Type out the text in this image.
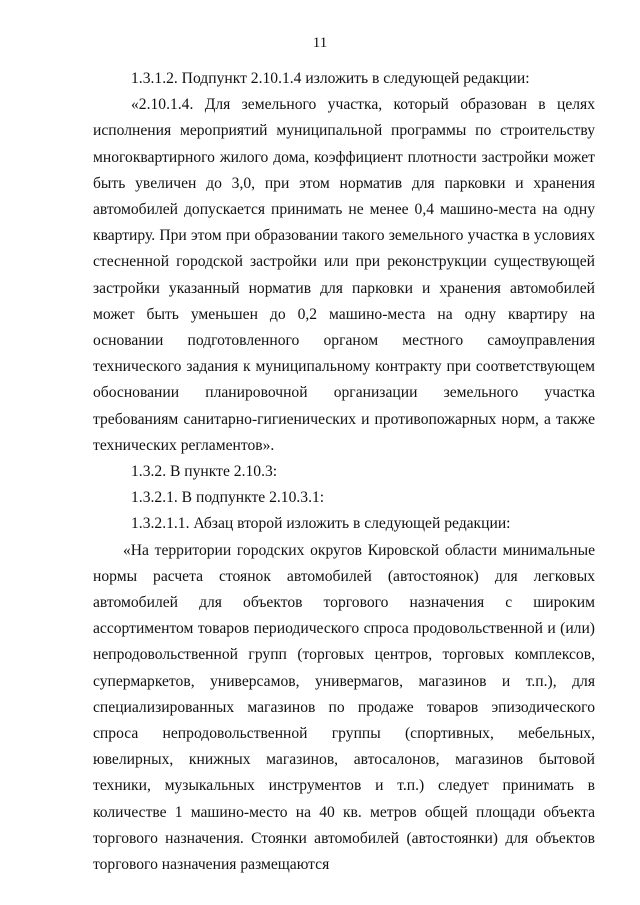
11

1.3.1.2. Подпункт 2.10.1.4 изложить в следующей редакции:

«2.10.1.4. Для земельного участка, который образован в целях исполнения мероприятий муниципальной программы по строительству многоквартирного жилого дома, коэффициент плотности застройки может быть увеличен до 3,0, при этом норматив для парковки и хранения автомобилей допускается принимать не менее 0,4 машино-места на одну квартиру. При этом при образовании такого земельного участка в условиях стесненной городской застройки или при реконструкции существующей застройки указанный норматив для парковки и хранения автомобилей может быть уменьшен до 0,2 машино-места на одну квартиру на основании подготовленного органом местного самоуправления технического задания к муниципальному контракту при соответствующем обосновании планировочной организации земельного участка требованиям санитарно-гигиенических и противопожарных норм, а также технических регламентов».

1.3.2. В пункте 2.10.3:

1.3.2.1. В подпункте 2.10.3.1:

1.3.2.1.1. Абзац второй изложить в следующей редакции:

«На территории городских округов Кировской области минимальные нормы расчета стоянок автомобилей (автостоянок) для легковых автомобилей для объектов торгового назначения с широким ассортиментом товаров периодического спроса продовольственной и (или) непродовольственной групп (торговых центров, торговых комплексов, супермаркетов, универсамов, универмагов, магазинов и т.п.), для специализированных магазинов по продаже товаров эпизодического спроса непродовольственной группы (спортивных, мебельных, ювелирных, книжных магазинов, автосалонов, магазинов бытовой техники, музыкальных инструментов и т.п.) следует принимать в количестве 1 машино-место на 40 кв. метров общей площади объекта торгового назначения. Стоянки автомобилей (автостоянки) для объектов торгового назначения размещаются
